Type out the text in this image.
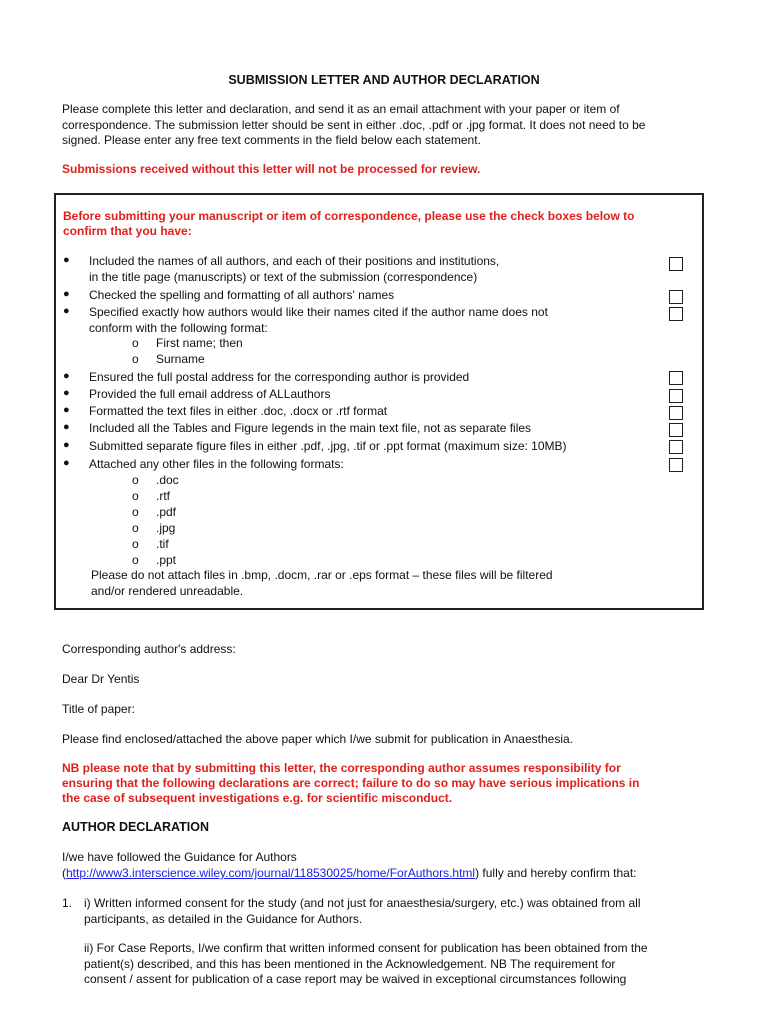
SUBMISSION LETTER AND AUTHOR DECLARATION
Please complete this letter and declaration, and send it as an email attachment with your paper or item of
correspondence. The submission letter should be sent in either .doc, .pdf or .jpg format. It does not need to be
signed. Please enter any free text comments in the field below each statement.
Submissions received without this letter will not be processed for review.
Before submitting your manuscript or item of correspondence, please use the check boxes below to
confirm that you have:
● Included the names of all authors, and each of their positions and institutions,
in the title page (manuscripts) or text of the submission (correspondence)
● Checked the spelling and formatting of all authors' names
● Specified exactly how authors would like their names cited if the author name does not
conform with the following format:
o First name; then
o Surname
● Ensured the full postal address for the corresponding author is provided
● Provided the full email address of ALLauthors
● Formatted the text files in either .doc, .docx or .rtf format
● Included all the Tables and Figure legends in the main text file, not as separate files
● Submitted separate figure files in either .pdf, .jpg, .tif or .ppt format (maximum size: 10MB)
● Attached any other files in the following formats:
o .doc
o .rtf
o .pdf
o .jpg
o .tif
o .ppt
Please do not attach files in .bmp, .docm, .rar or .eps format – these files will be filtered
and/or rendered unreadable.
Corresponding author's address:
Dear Dr Yentis
Title of paper:
Please find enclosed/attached the above paper which I/we submit for publication in Anaesthesia.
NB please note that by submitting this letter, the corresponding author assumes responsibility for
ensuring that the following declarations are correct; failure to do so may have serious implications in
the case of subsequent investigations e.g. for scientific misconduct.
AUTHOR DECLARATION
I/we have followed the Guidance for Authors
(http://www3.interscience.wiley.com/journal/118530025/home/ForAuthors.html) fully and hereby confirm that:
1. i) Written informed consent for the study (and not just for anaesthesia/surgery, etc.) was obtained from all
participants, as detailed in the Guidance for Authors.
ii) For Case Reports, I/we confirm that written informed consent for publication has been obtained from the
patient(s) described, and this has been mentioned in the Acknowledgement. NB The requirement for
consent / assent for publication of a case report may be waived in exceptional circumstances following
